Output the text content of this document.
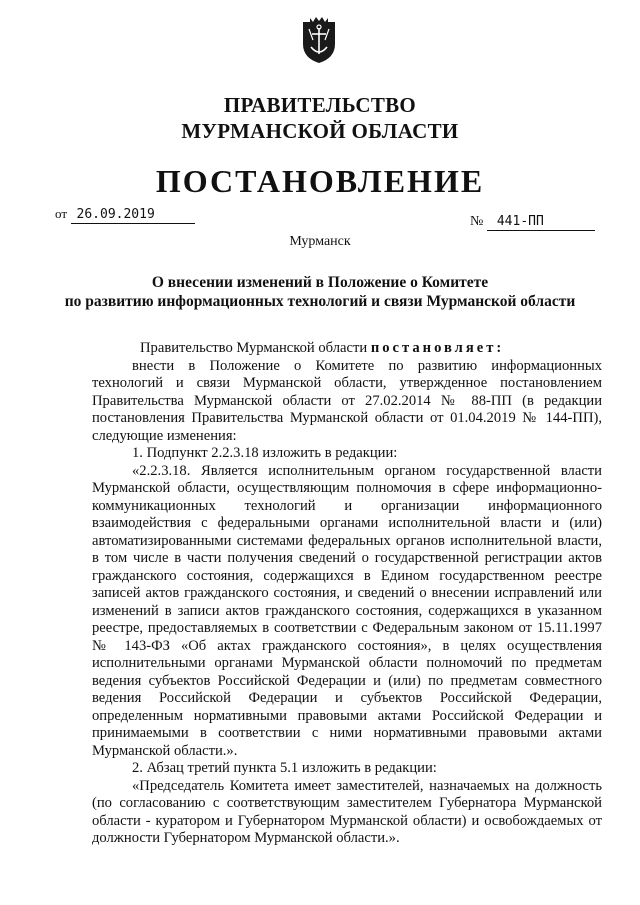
ПРАВИТЕЛЬСТВО
МУРМАНСКОЙ ОБЛАСТИ
ПОСТАНОВЛЕНИЕ
от 26.09.2019	№ 441-ПП
Мурманск
О внесении изменений в Положение о Комитете
по развитию информационных технологий и связи Мурманской области

Правительство Мурманской области постановляет:

внести в Положение о Комитете по развитию информационных технологий и связи Мурманской области, утвержденное постановлением Правительства Мурманской области от 27.02.2014 № 88-ПП (в редакции постановления Правительства Мурманской области от 01.04.2019 № 144-ПП), следующие изменения:

1. Подпункт 2.2.3.18 изложить в редакции:

«2.2.3.18. Является исполнительным органом государственной власти Мурманской области, осуществляющим полномочия в сфере информационно-коммуникационных технологий и организации информационного взаимодействия с федеральными органами исполнительной власти и (или) автоматизированными системами федеральных органов исполнительной власти, в том числе в части получения сведений о государственной регистрации актов гражданского состояния, содержащихся в Едином государственном реестре записей актов гражданского состояния, и сведений о внесении исправлений или изменений в записи актов гражданского состояния, содержащихся в указанном реестре, предоставляемых в соответствии с Федеральным законом от 15.11.1997 № 143-ФЗ «Об актах гражданского состояния», в целях осуществления исполнительными органами Мурманской области полномочий по предметам ведения субъектов Российской Федерации и (или) по предметам совместного ведения Российской Федерации и субъектов Российской Федерации, определенным нормативными правовыми актами Российской Федерации и принимаемыми в соответствии с ними нормативными правовыми актами Мурманской области.».

2. Абзац третий пункта 5.1 изложить в редакции:

«Председатель Комитета имеет заместителей, назначаемых на должность (по согласованию с соответствующим заместителем Губернатора Мурманской области - куратором и Губернатором Мурманской области) и освобождаемых от должности Губернатором Мурманской области.».
